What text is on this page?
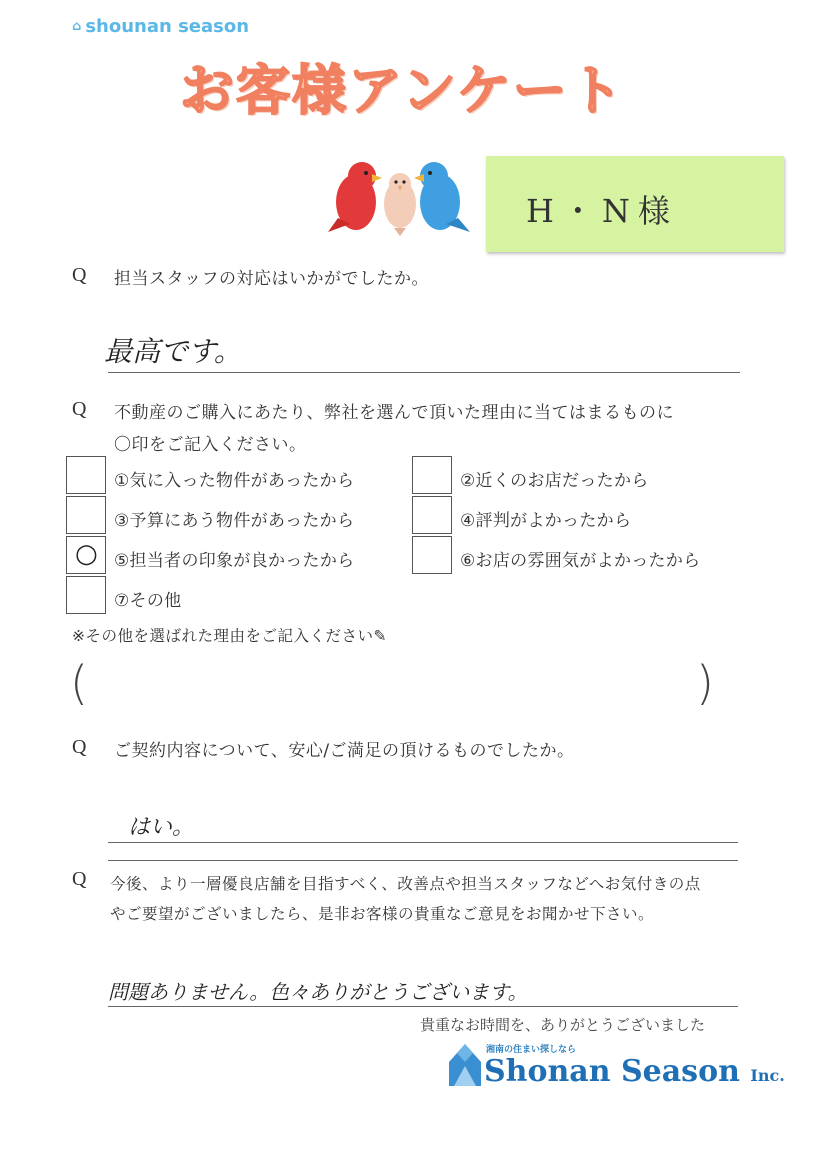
⌂ shounan season
お客様アンケート
H・N様
Q 担当スタッフの対応はいかがでしたか。
最高です。
Q 不動産のご購入にあたり、弊社を選んで頂いた理由に当てはまるものに
〇印をご記入ください。
①気に入った物件があったから
③予算にあう物件があったから
○ ⑤担当者の印象が良かったから
⑦その他
②近くのお店だったから
④評判がよかったから
⑥お店の雰囲気がよかったから
※その他を選ばれた理由をご記入ください✎
(	)
Q ご契約内容について、安心/ご満足の頂けるものでしたか。
はい。
Q 今後、より一層優良店舗を目指すべく、改善点や担当スタッフなどへお気付きの点
やご要望がございましたら、是非お客様の貴重なご意見をお聞かせ下さい。
問題ありません。色々ありがとうございます。
貴重なお時間を、ありがとうございました
湘南の住まい探しなら
Shonan Season Inc.
